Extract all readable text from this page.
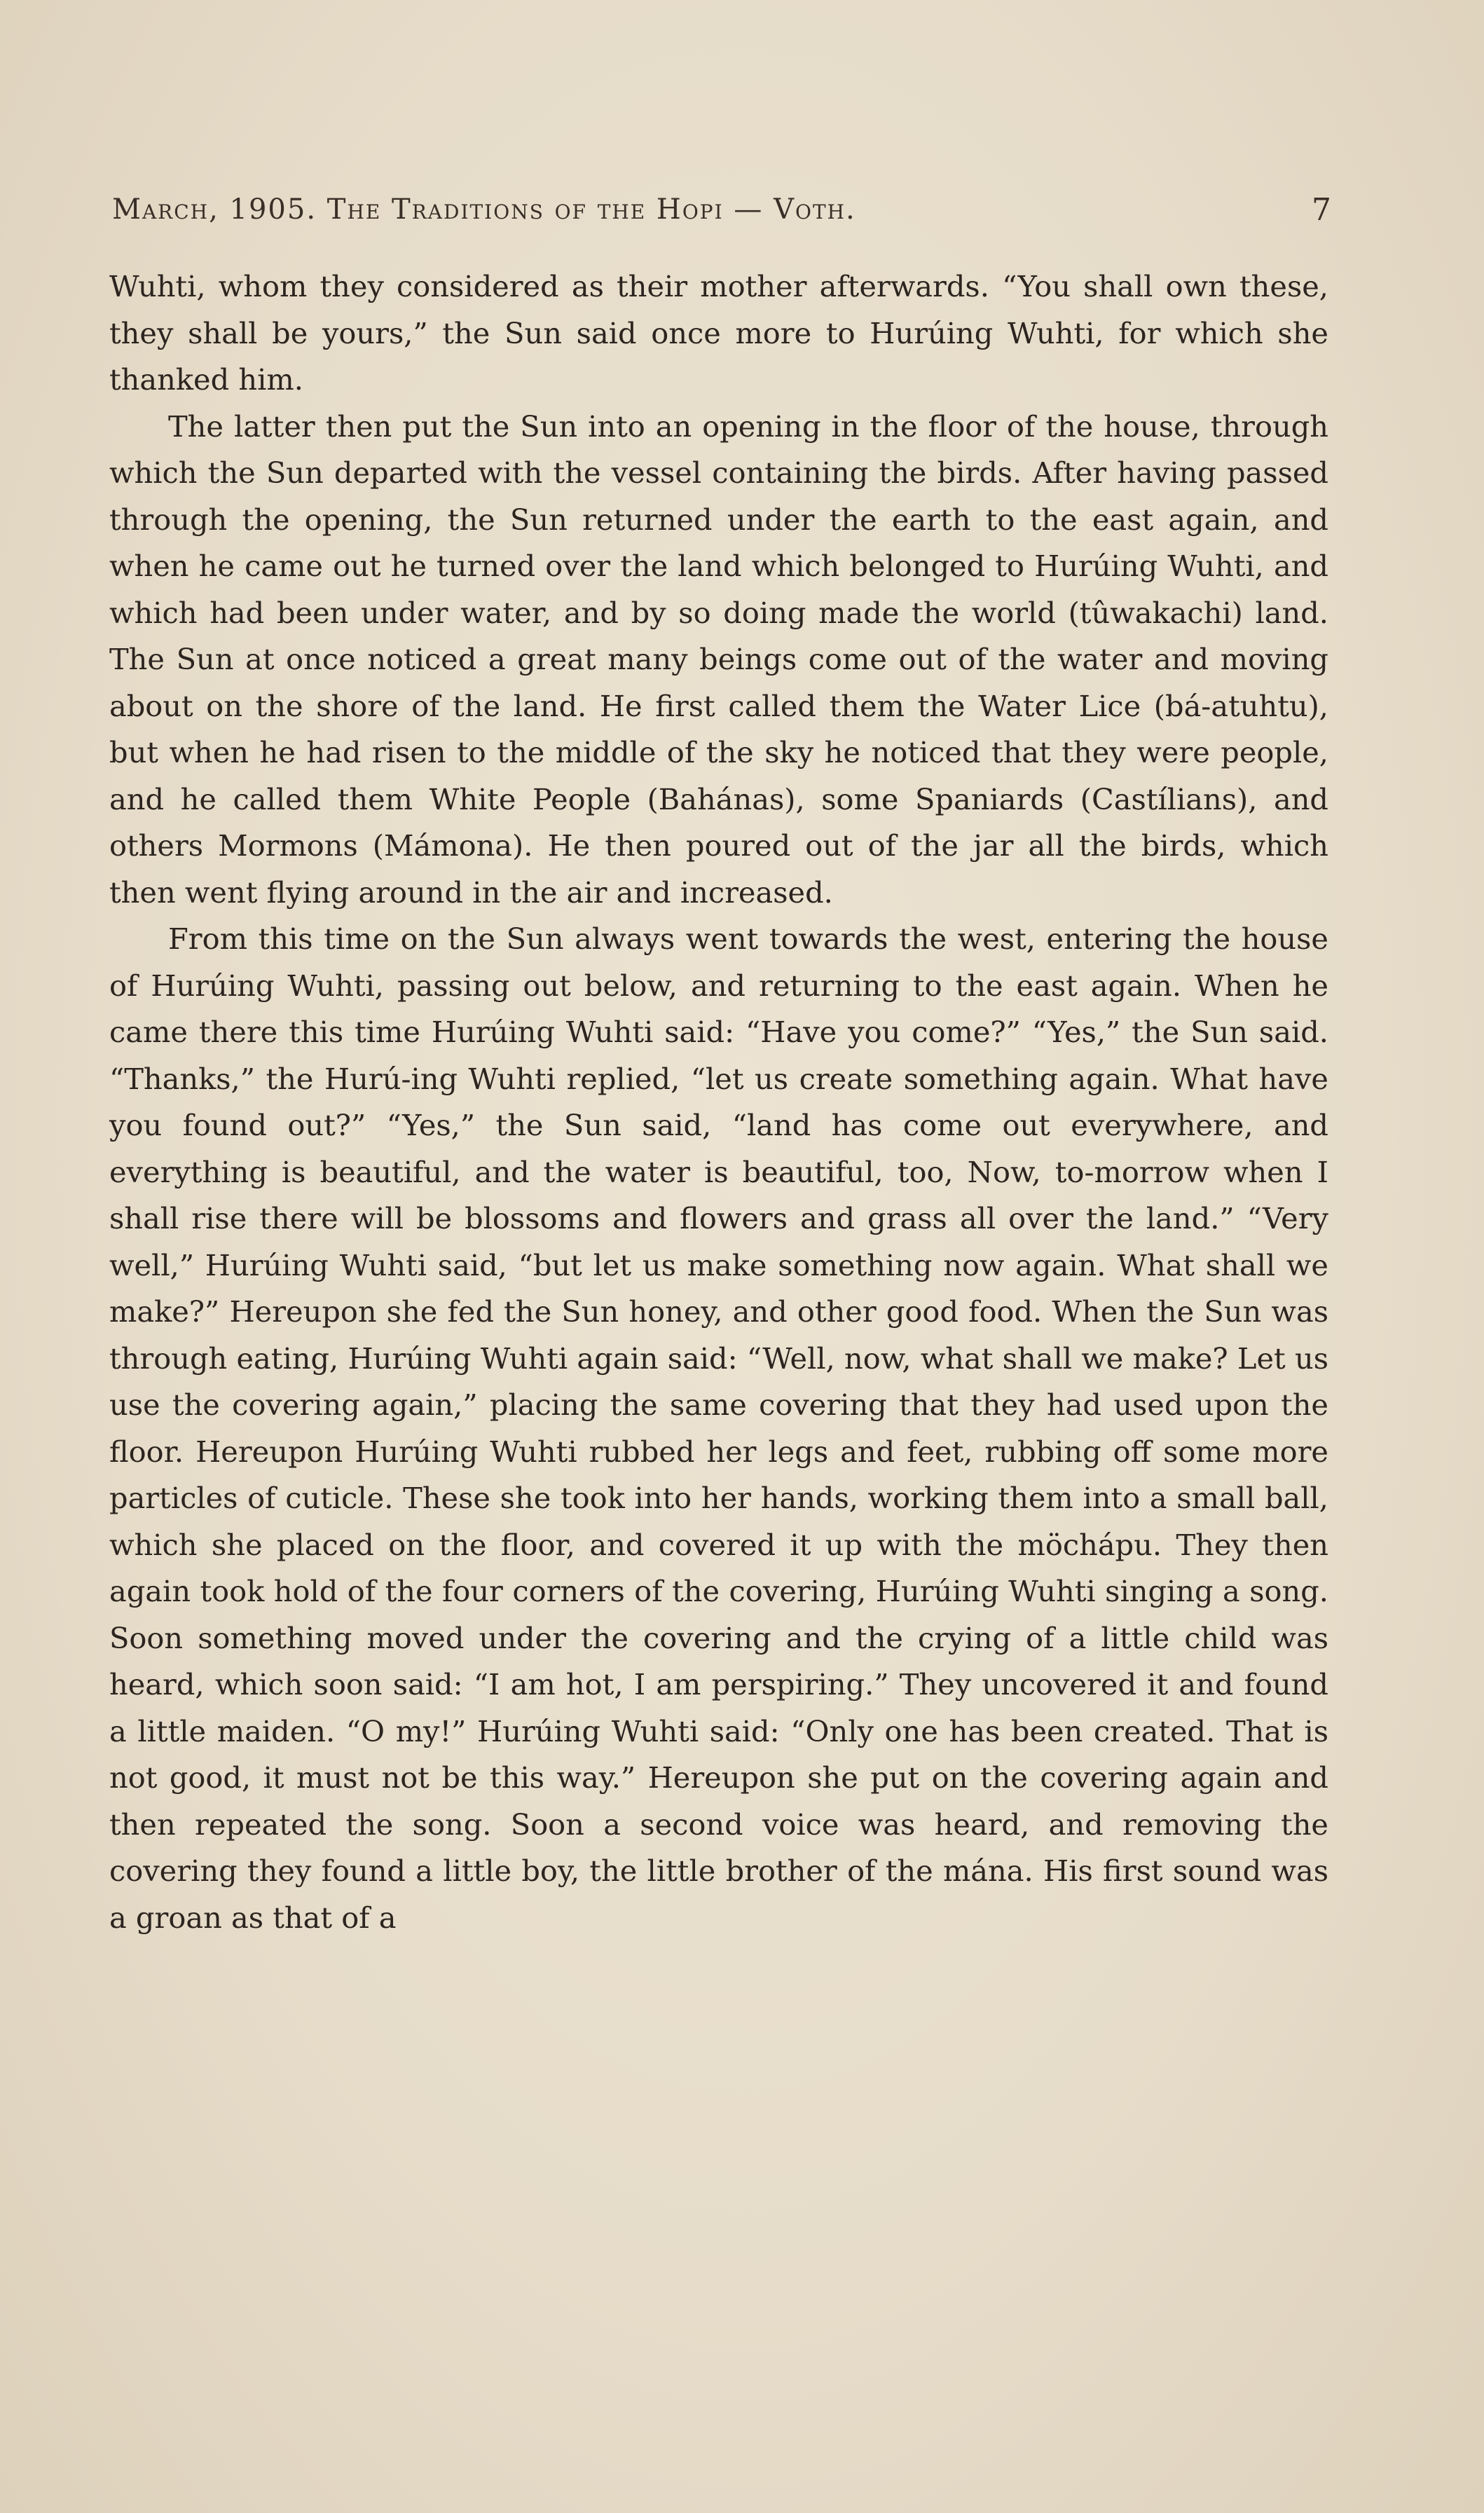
March, 1905. The Traditions of the Hopi — Voth.	7

Wuhti, whom they considered as their mother afterwards. “You shall own these, they shall be yours,” the Sun said once more to Hurúing Wuhti, for which she thanked him.

The latter then put the Sun into an opening in the floor of the house, through which the Sun departed with the vessel containing the birds. After having passed through the opening, the Sun returned under the earth to the east again, and when he came out he turned over the land which belonged to Hurúing Wuhti, and which had been under water, and by so doing made the world (tûwakachi) land. The Sun at once noticed a great many beings come out of the water and moving about on the shore of the land. He first called them the Water Lice (bá-atuhtu), but when he had risen to the middle of the sky he noticed that they were people, and he called them White People (Bahánas), some Spaniards (Castílians), and others Mormons (Mámona). He then poured out of the jar all the birds, which then went flying around in the air and increased.

From this time on the Sun always went towards the west, entering the house of Hurúing Wuhti, passing out below, and returning to the east again. When he came there this time Hurúing Wuhti said: “Have you come?” “Yes,” the Sun said. “Thanks,” the Hurú-ing Wuhti replied, “let us create something again. What have you found out?” “Yes,” the Sun said, “land has come out everywhere, and everything is beautiful, and the water is beautiful, too, Now, to-morrow when I shall rise there will be blossoms and flowers and grass all over the land.” “Very well,” Hurúing Wuhti said, “but let us make something now again. What shall we make?” Hereupon she fed the Sun honey, and other good food. When the Sun was through eating, Hurúing Wuhti again said: “Well, now, what shall we make? Let us use the covering again,” placing the same covering that they had used upon the floor. Hereupon Hurúing Wuhti rubbed her legs and feet, rubbing off some more particles of cuticle. These she took into her hands, working them into a small ball, which she placed on the floor, and covered it up with the möchápu. They then again took hold of the four corners of the covering, Hurúing Wuhti singing a song. Soon something moved under the covering and the crying of a little child was heard, which soon said: “I am hot, I am perspiring.” They uncovered it and found a little maiden. “O my!” Hurúing Wuhti said: “Only one has been created. That is not good, it must not be this way.” Hereupon she put on the covering again and then repeated the song. Soon a second voice was heard, and removing the covering they found a little boy, the little brother of the mána. His first sound was a groan as that of a
